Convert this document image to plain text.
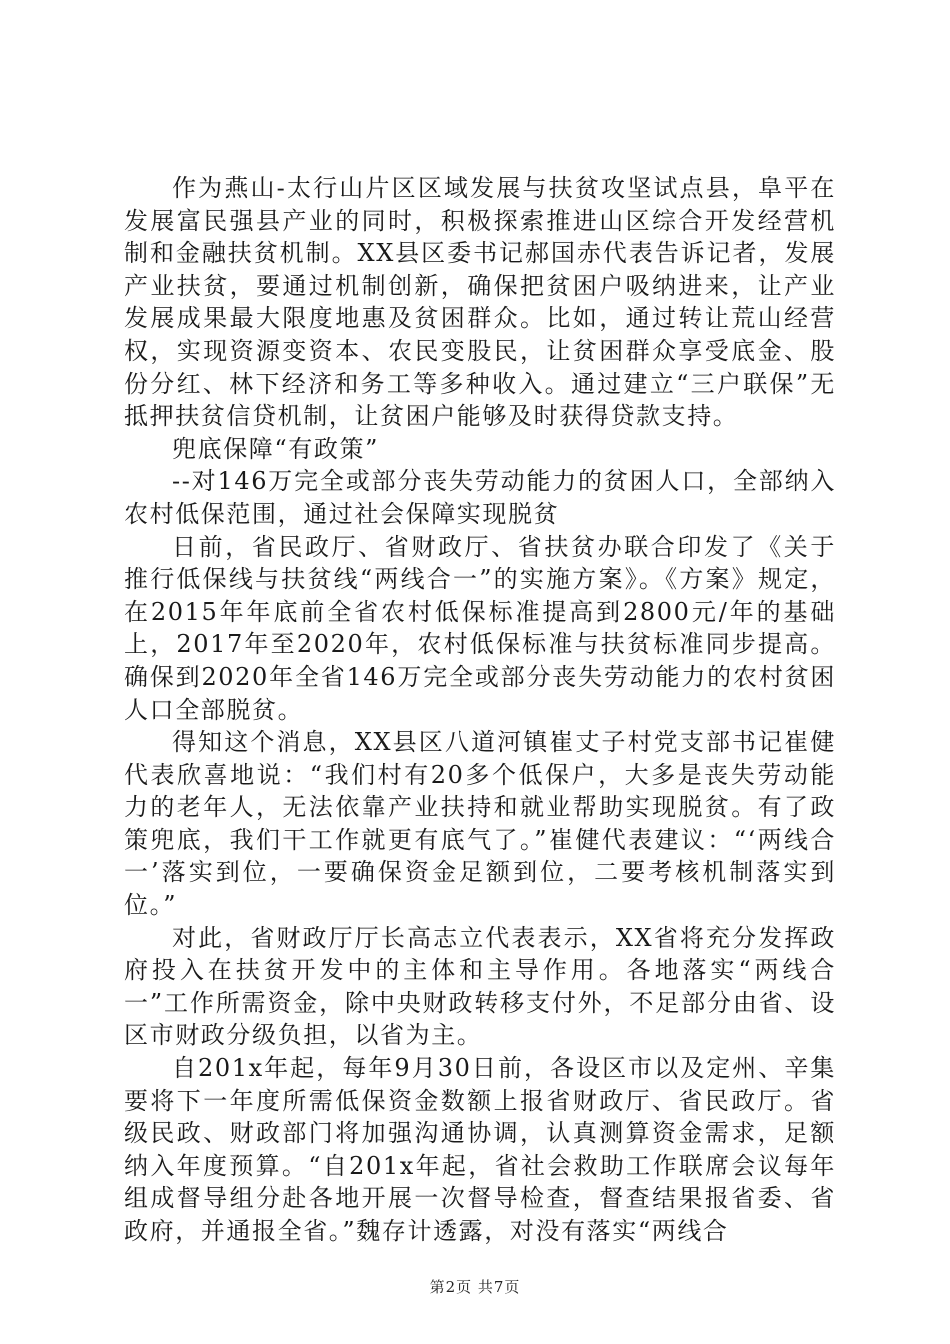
作为燕山-太行山片区区域发展与扶贫攻坚试点县，阜平在发展富民强县产业的同时，积极探索推进山区综合开发经营机制和金融扶贫机制。XX县区委书记郝国赤代表告诉记者，发展产业扶贫，要通过机制创新，确保把贫困户吸纳进来，让产业发展成果最大限度地惠及贫困群众。比如，通过转让荒山经营权，实现资源变资本、农民变股民，让贫困群众享受底金、股份分红、林下经济和务工等多种收入。通过建立“三户联保”无抵押扶贫信贷机制，让贫困户能够及时获得贷款支持。

兜底保障“有政策”

--对146万完全或部分丧失劳动能力的贫困人口，全部纳入农村低保范围，通过社会保障实现脱贫

日前，省民政厅、省财政厅、省扶贫办联合印发了《关于推行低保线与扶贫线“两线合一”的实施方案》。《方案》规定，在2015年年底前全省农村低保标准提高到2800元/年的基础上，2017年至2020年，农村低保标准与扶贫标准同步提高。确保到2020年全省146万完全或部分丧失劳动能力的农村贫困人口全部脱贫。

得知这个消息，XX县区八道河镇崔丈子村党支部书记崔健代表欣喜地说：“我们村有20多个低保户，大多是丧失劳动能力的老年人，无法依靠产业扶持和就业帮助实现脱贫。有了政策兜底，我们干工作就更有底气了。”崔健代表建议：“‘两线合一’落实到位，一要确保资金足额到位，二要考核机制落实到位。”

对此，省财政厅厅长高志立代表表示，XX省将充分发挥政府投入在扶贫开发中的主体和主导作用。各地落实“两线合一”工作所需资金，除中央财政转移支付外，不足部分由省、设区市财政分级负担，以省为主。

自201x年起，每年9月30日前，各设区市以及定州、辛集要将下一年度所需低保资金数额上报省财政厅、省民政厅。省级民政、财政部门将加强沟通协调，认真测算资金需求，足额纳入年度预算。“自201x年起，省社会救助工作联席会议每年组成督导组分赴各地开展一次督导检查，督查结果报省委、省政府，并通报全省。”魏存计透露，对没有落实“两线合

第2页 共7页
